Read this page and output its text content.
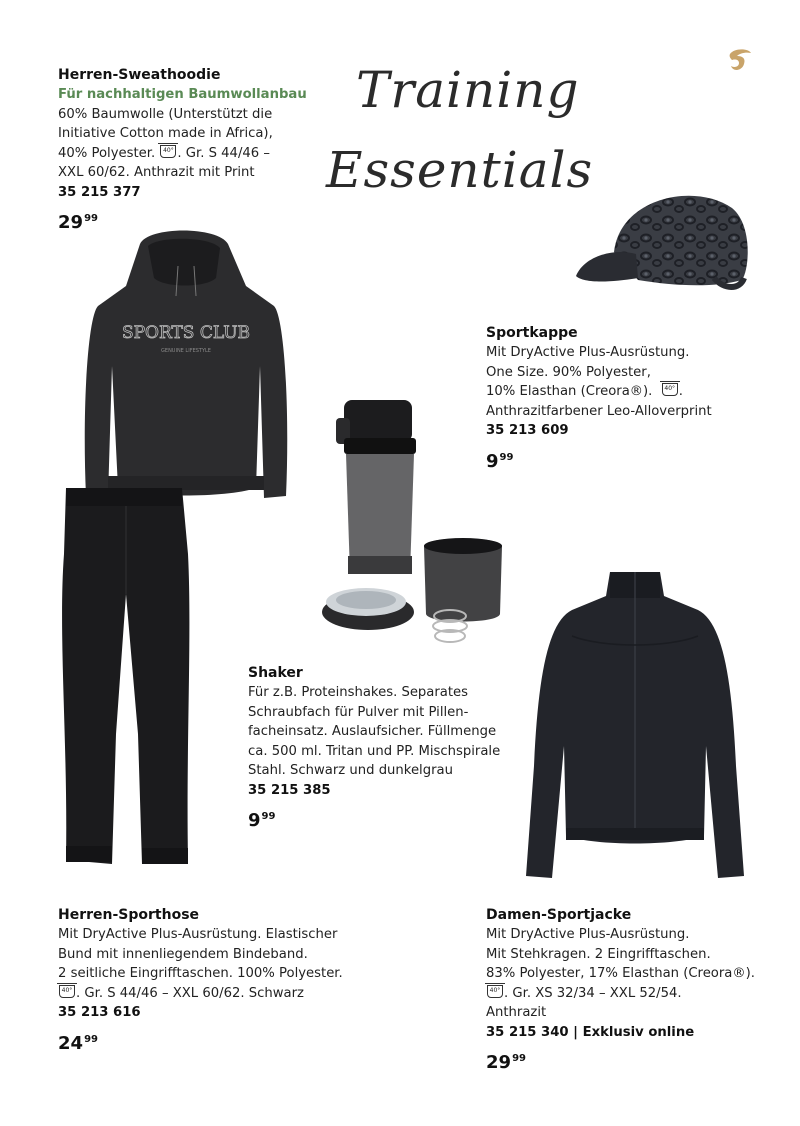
Training
Essentials
Herren-Sweathoodie
Für nachhaltigen Baumwollanbau
60% Baumwolle (Unterstützt die
Initiative Cotton made in Africa),
40% Polyester. 40° . Gr. S 44/46 –
XXL 60/62. Anthrazit mit Print
35 215 377
$29^{99}$
SPORTS CLUB
GENUINE LIFESTYLE
Sportkappe
Mit DryActive Plus-Ausrüstung.
One Size. 90% Polyester,
10% Elasthan (Creora®). 40° .
Anthrazitfarbener Leo-Alloverprint
35 213 609
$9^{99}$
Shaker
Für z.B. Proteinshakes. Separates
Schraubfach für Pulver mit Pillen-
facheinsatz. Auslaufsicher. Füllmenge
ca. 500 ml. Tritan und PP. Mischspirale
Stahl. Schwarz und dunkelgrau
35 215 385
$9^{99}$
Herren-Sporthose
Mit DryActive Plus-Ausrüstung. Elastischer
Bund mit innenliegendem Bindeband.
2 seitliche Eingrifftaschen. 100% Polyester.
40° . Gr. S 44/46 – XXL 60/62. Schwarz
35 213 616
$24^{99}$
Damen-Sportjacke
Mit DryActive Plus-Ausrüstung.
Mit Stehkragen. 2 Eingrifftaschen.
83% Polyester, 17% Elasthan (Creora®).
40° . Gr. XS 32/34 – XXL 52/54.
Anthrazit
35 215 340 | Exklusiv online
$29^{99}$
